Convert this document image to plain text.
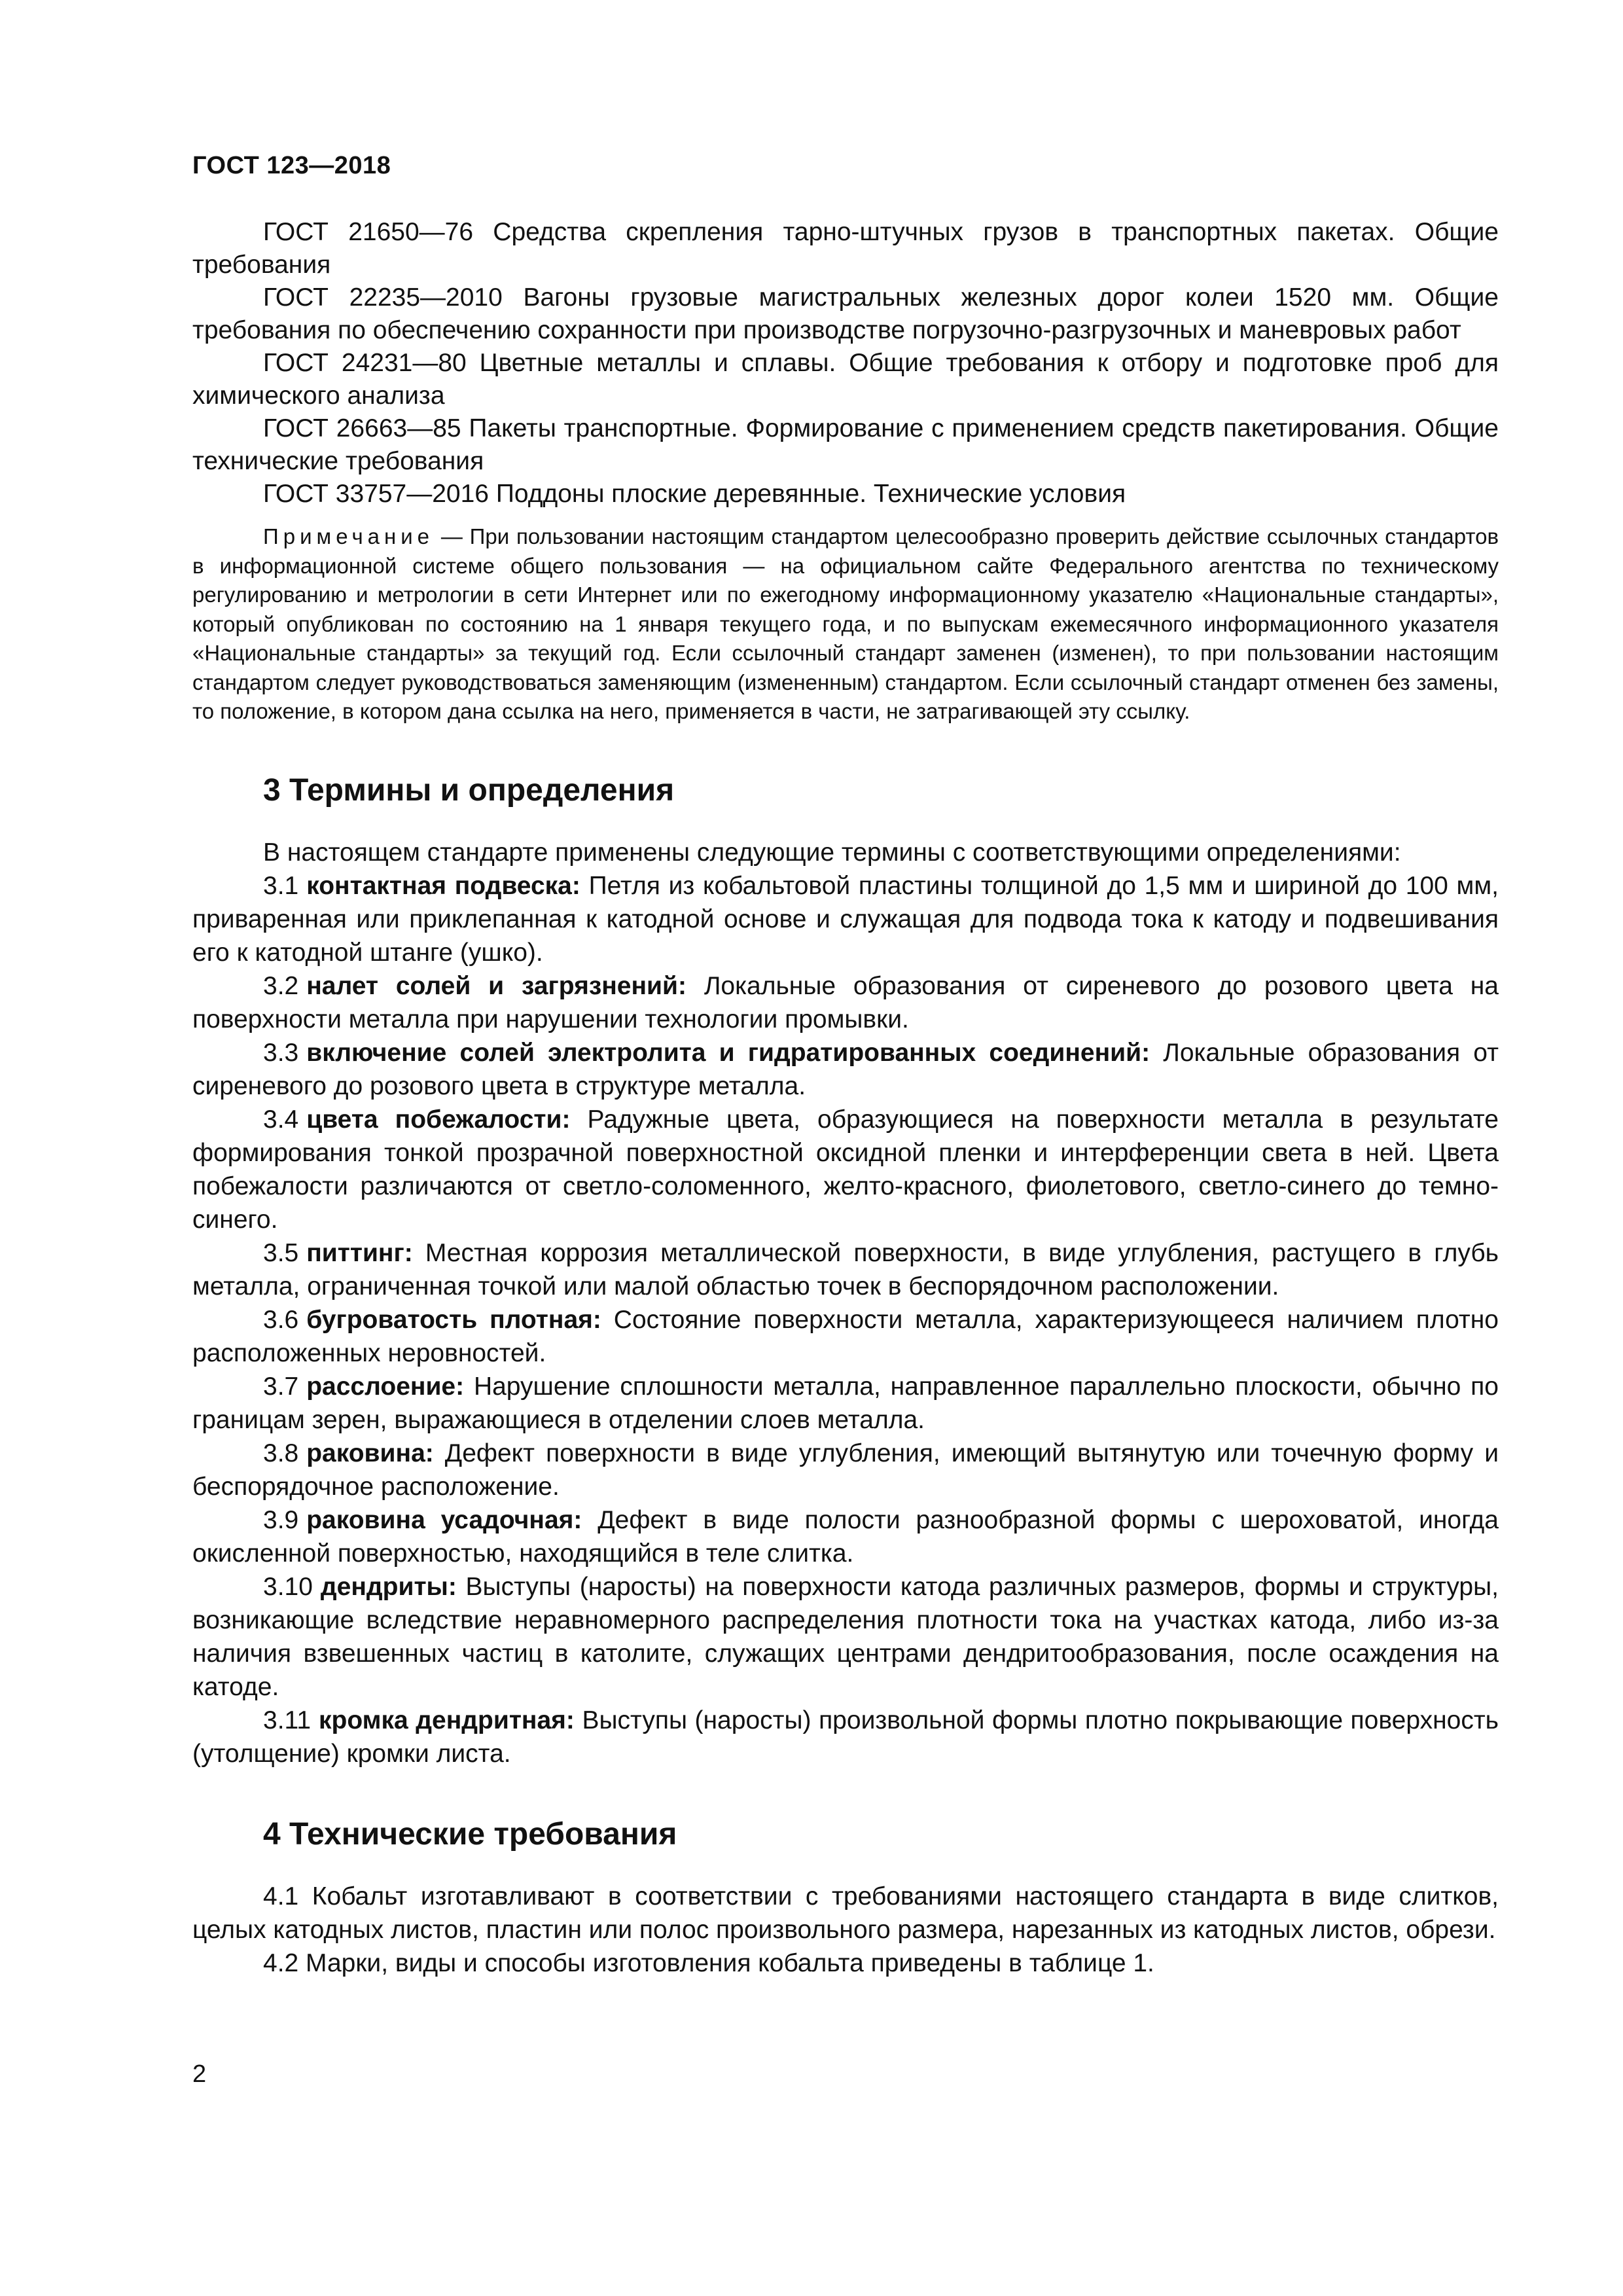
ГОСТ 123—2018

ГОСТ 21650—76 Средства скрепления тарно-штучных грузов в транспортных пакетах. Общие требования

ГОСТ 22235—2010 Вагоны грузовые магистральных железных дорог колеи 1520 мм. Общие требования по обеспечению сохранности при производстве погрузочно-разгрузочных и маневровых работ

ГОСТ 24231—80 Цветные металлы и сплавы. Общие требования к отбору и подготовке проб для химического анализа

ГОСТ 26663—85 Пакеты транспортные. Формирование с применением средств пакетирования. Общие технические требования

ГОСТ 33757—2016 Поддоны плоские деревянные. Технические условия

Примечание — При пользовании настоящим стандартом целесообразно проверить действие ссылочных стандартов в информационной системе общего пользования — на официальном сайте Федерального агентства по техническому регулированию и метрологии в сети Интернет или по ежегодному информационному указателю «Национальные стандарты», который опубликован по состоянию на 1 января текущего года, и по выпускам ежемесячного информационного указателя «Национальные стандарты» за текущий год. Если ссылочный стандарт заменен (изменен), то при пользовании настоящим стандартом следует руководствоваться заменяющим (измененным) стандартом. Если ссылочный стандарт отменен без замены, то положение, в котором дана ссылка на него, применяется в части, не затрагивающей эту ссылку.

3 Термины и определения

В настоящем стандарте применены следующие термины с соответствующими определениями:

3.1 контактная подвеска: Петля из кобальтовой пластины толщиной до 1,5 мм и шириной до 100 мм, приваренная или приклепанная к катодной основе и служащая для подвода тока к катоду и подвешивания его к катодной штанге (ушко).

3.2 налет солей и загрязнений: Локальные образования от сиреневого до розового цвета на поверхности металла при нарушении технологии промывки.

3.3 включение солей электролита и гидратированных соединений: Локальные образования от сиреневого до розового цвета в структуре металла.

3.4 цвета побежалости: Радужные цвета, образующиеся на поверхности металла в результате формирования тонкой прозрачной поверхностной оксидной пленки и интерференции света в ней. Цвета побежалости различаются от светло-соломенного, желто-красного, фиолетового, светло-синего до темно-синего.

3.5 питтинг: Местная коррозия металлической поверхности, в виде углубления, растущего в глубь металла, ограниченная точкой или малой областью точек в беспорядочном расположении.

3.6 бугроватость плотная: Состояние поверхности металла, характеризующееся наличием плотно расположенных неровностей.

3.7 расслоение: Нарушение сплошности металла, направленное параллельно плоскости, обычно по границам зерен, выражающиеся в отделении слоев металла.

3.8 раковина: Дефект поверхности в виде углубления, имеющий вытянутую или точечную форму и беспорядочное расположение.

3.9 раковина усадочная: Дефект в виде полости разнообразной формы с шероховатой, иногда окисленной поверхностью, находящийся в теле слитка.

3.10 дендриты: Выступы (наросты) на поверхности катода различных размеров, формы и структуры, возникающие вследствие неравномерного распределения плотности тока на участках катода, либо из-за наличия взвешенных частиц в католите, служащих центрами дендритообразования, после осаждения на катоде.

3.11 кромка дендритная: Выступы (наросты) произвольной формы плотно покрывающие поверхность (утолщение) кромки листа.

4 Технические требования

4.1 Кобальт изготавливают в соответствии с требованиями настоящего стандарта в виде слитков, целых катодных листов, пластин или полос произвольного размера, нарезанных из катодных листов, обрези.

4.2 Марки, виды и способы изготовления кобальта приведены в таблице 1.

2
